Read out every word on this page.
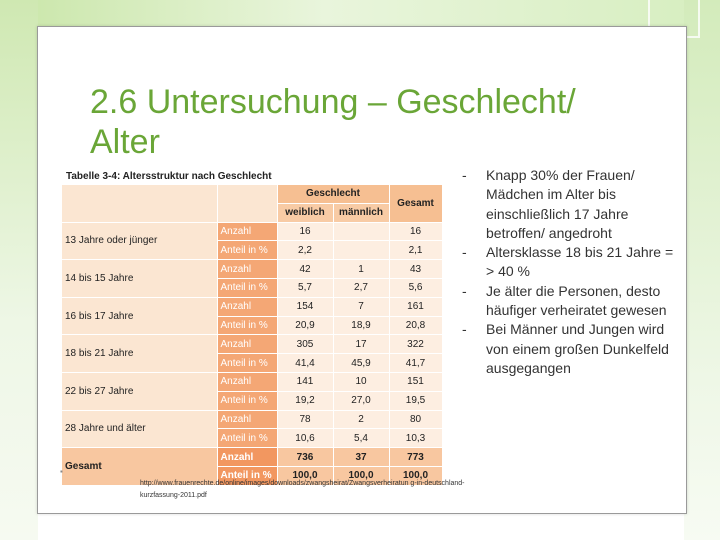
2.6 Untersuchung – Geschlecht/ Alter
Tabelle 3-4: Altersstruktur nach Geschlecht
		Geschlecht		Gesamt
		weiblich	männlich	
13 Jahre oder jünger	Anzahl	16		16
	Anteil in %	2,2		2,1
14 bis 15 Jahre	Anzahl	42	1	43
	Anteil in %	5,7	2,7	5,6
16 bis 17 Jahre	Anzahl	154	7	161
	Anteil in %	20,9	18,9	20,8
18 bis 21 Jahre	Anzahl	305	17	322
	Anteil in %	41,4	45,9	41,7
22 bis 27 Jahre	Anzahl	141	10	151
	Anteil in %	19,2	27,0	19,5
28 Jahre und älter	Anzahl	78	2	80
	Anteil in %	10,6	5,4	10,3
Gesamt	Anzahl	736	37	773
	Anteil in %	100,0	100,0	100,0
▪
http://www.frauenrechte.de/online/images/downloads/zwangsheirat/Zwangsverheiratun g-in-deutschland-kurzfassung-2011.pdf
- Knapp 30% der Frauen/ Mädchen im Alter bis einschließlich 17 Jahre betroffen/ angedroht
- Altersklasse 18 bis 21 Jahre = > 40 %
- Je älter die Personen, desto häufiger verheiratet gewesen
- Bei Männer und Jungen wird von einem großen Dunkelfeld ausgegangen
